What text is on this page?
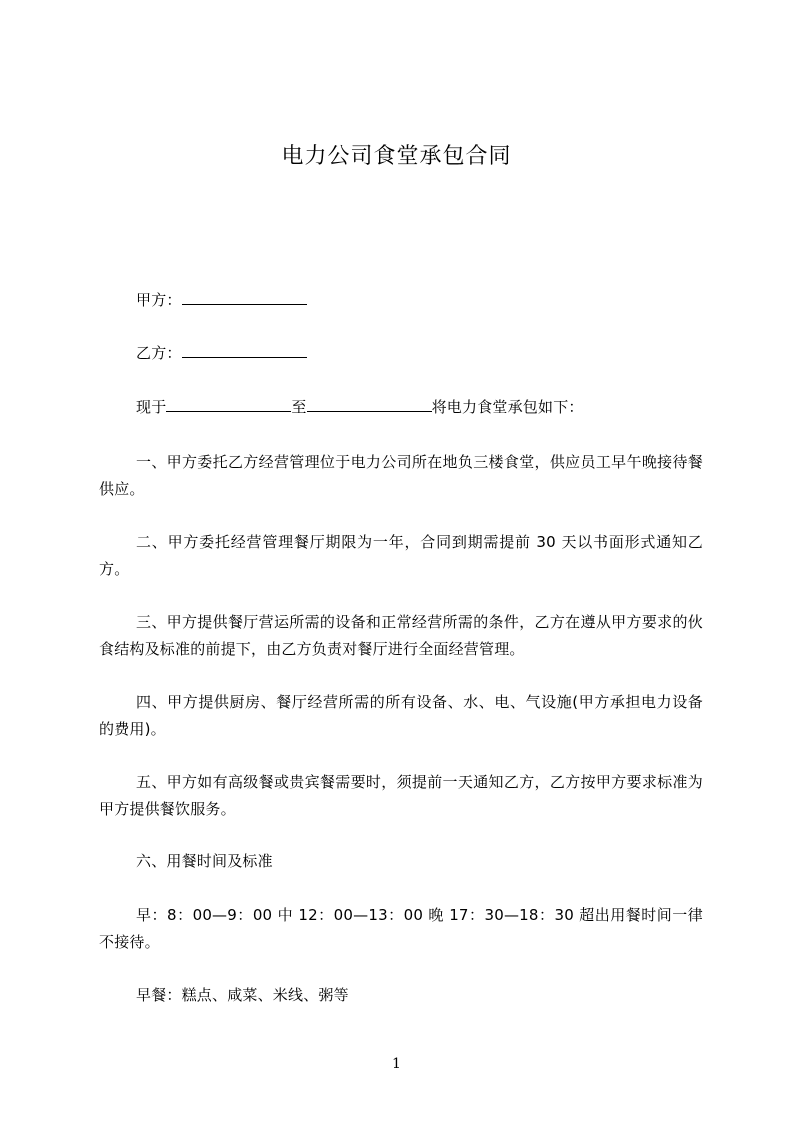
电力公司食堂承包合同
甲方：
乙方：
现于	至	将电力食堂承包如下：
一、甲方委托乙方经营管理位于电力公司所在地负三楼食堂，供应员工早午晚接待餐供应。
二、甲方委托经营管理餐厅期限为一年，合同到期需提前 30 天以书面形式通知乙方。
三、甲方提供餐厅营运所需的设备和正常经营所需的条件，乙方在遵从甲方要求的伙食结构及标准的前提下，由乙方负责对餐厅进行全面经营管理。
四、甲方提供厨房、餐厅经营所需的所有设备、水、电、气设施(甲方承担电力设备的费用)。
五、甲方如有高级餐或贵宾餐需要时，须提前一天通知乙方，乙方按甲方要求标准为甲方提供餐饮服务。
六、用餐时间及标准
早：8：00—9：00 中 12：00—13：00 晚 17：30—18：30 超出用餐时间一律不接待。
早餐：糕点、咸菜、米线、粥等
1
